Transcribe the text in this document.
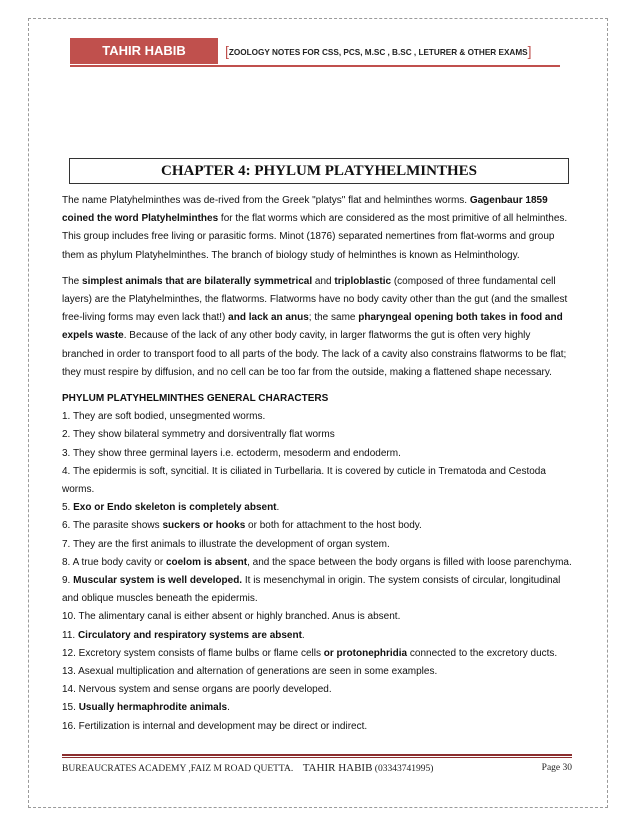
TAHIR HABIB	[ZOOLOGY NOTES FOR CSS, PCS, M.SC , B.SC , LETURER & OTHER EXAMS]
CHAPTER 4: PHYLUM PLATYHELMINTHES

The name Platyhelminthes was de-rived from the Greek "platys" flat and helminthes worms. Gagenbaur 1859 coined the word Platyhelminthes for the flat worms which are considered as the most primitive of all helminthes. This group includes free living or parasitic forms. Minot (1876) separated nemertines from flat-worms and group them as phylum Platyhelminthes. The branch of biology study of helminthes is known as Helminthology.

The simplest animals that are bilaterally symmetrical and triploblastic (composed of three fundamental cell layers) are the Platyhelminthes, the flatworms. Flatworms have no body cavity other than the gut (and the smallest free-living forms may even lack that!) and lack an anus; the same pharyngeal opening both takes in food and expels waste. Because of the lack of any other body cavity, in larger flatworms the gut is often very highly branched in order to transport food to all parts of the body. The lack of a cavity also constrains flatworms to be flat; they must respire by diffusion, and no cell can be too far from the outside, making a flattened shape necessary.

PHYLUM PLATYHELMINTHES GENERAL CHARACTERS
1. They are soft bodied, unsegmented worms.
2. They show bilateral symmetry and dorsiventrally flat worms
3. They show three germinal layers i.e. ectoderm, mesoderm and endoderm.
4. The epidermis is soft, syncitial. It is ciliated in Turbellaria. It is covered by cuticle in Trematoda and Cestoda worms.
5. Exo or Endo skeleton is completely absent.
6. The parasite shows suckers or hooks or both for attachment to the host body.
7. They are the first animals to illustrate the development of organ system.
8. A true body cavity or coelom is absent, and the space between the body organs is filled with loose parenchyma.
9. Muscular system is well developed. It is mesenchymal in origin. The system consists of circular, longitudinal and oblique muscles beneath the epidermis.
10. The alimentary canal is either absent or highly branched. Anus is absent.
11. Circulatory and respiratory systems are absent.
12. Excretory system consists of flame bulbs or flame cells or protonephridia connected to the excretory ducts.
13. Asexual multiplication and alternation of generations are seen in some examples.
14. Nervous system and sense organs are poorly developed.
15. Usually hermaphrodite animals.
16. Fertilization is internal and development may be direct or indirect.
BUREAUCRATES ACADEMY ,FAIZ M ROAD QUETTA. TAHIR HABIB (03343741995)	Page 30
